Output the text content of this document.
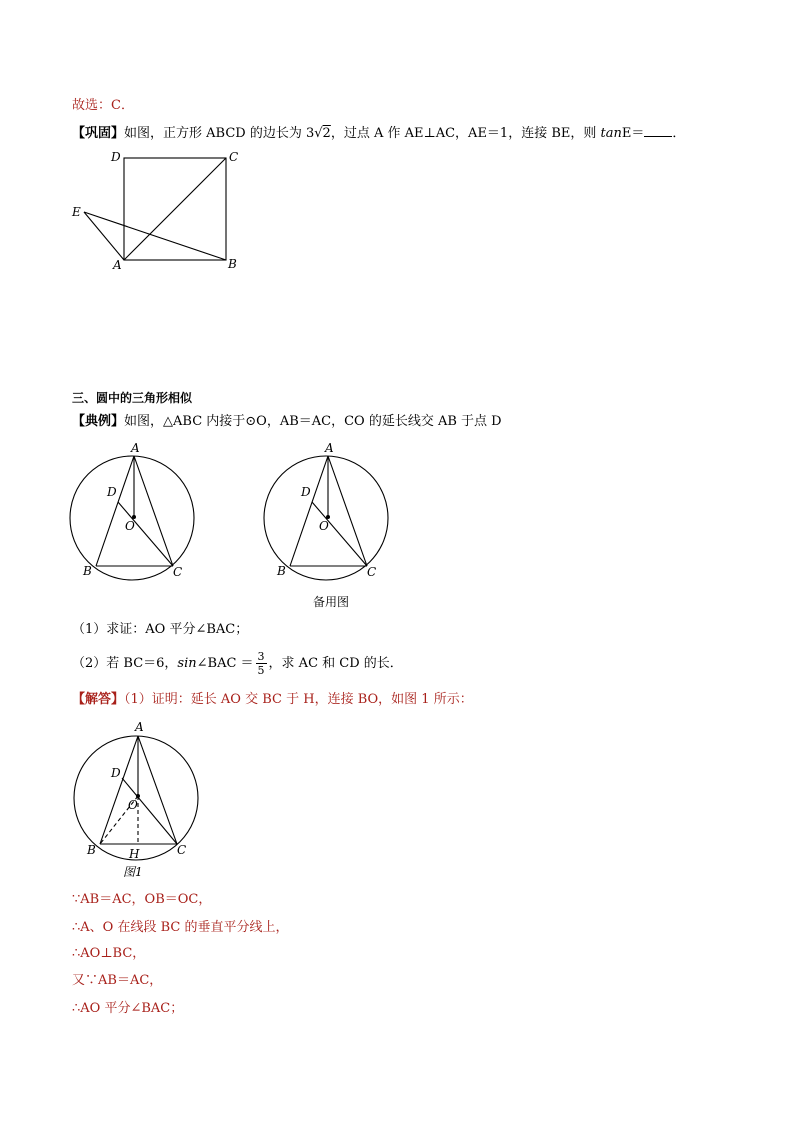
故选：C．
【巩固】如图，正方形 ABCD 的边长为 3√2，过点 A 作 AE⊥AC，AE＝1，连接 BE，则 tanE＝ ．
D	C
E
A	B
三、圆中的三角形相似
【典例】如图，△ABC 内接于⊙O，AB＝AC，CO 的延长线交 AB 于点 D
A
D
O
B	C
A
D
O
B	C
备用图
（1）求证：AO 平分∠BAC；
（2）若 BC＝6，sin∠BAC ＝ $\frac{3}{5}$ ，求 AC 和 CD 的长．
【解答】（1）证明：延长 AO 交 BC 于 H，连接 BO，如图 1 所示：
A
D
O
B	H	C
图1
∵AB＝AC，OB＝OC，
∴A、O 在线段 BC 的垂直平分线上，
∴AO⊥BC，
又∵AB＝AC，
∴AO 平分∠BAC；
